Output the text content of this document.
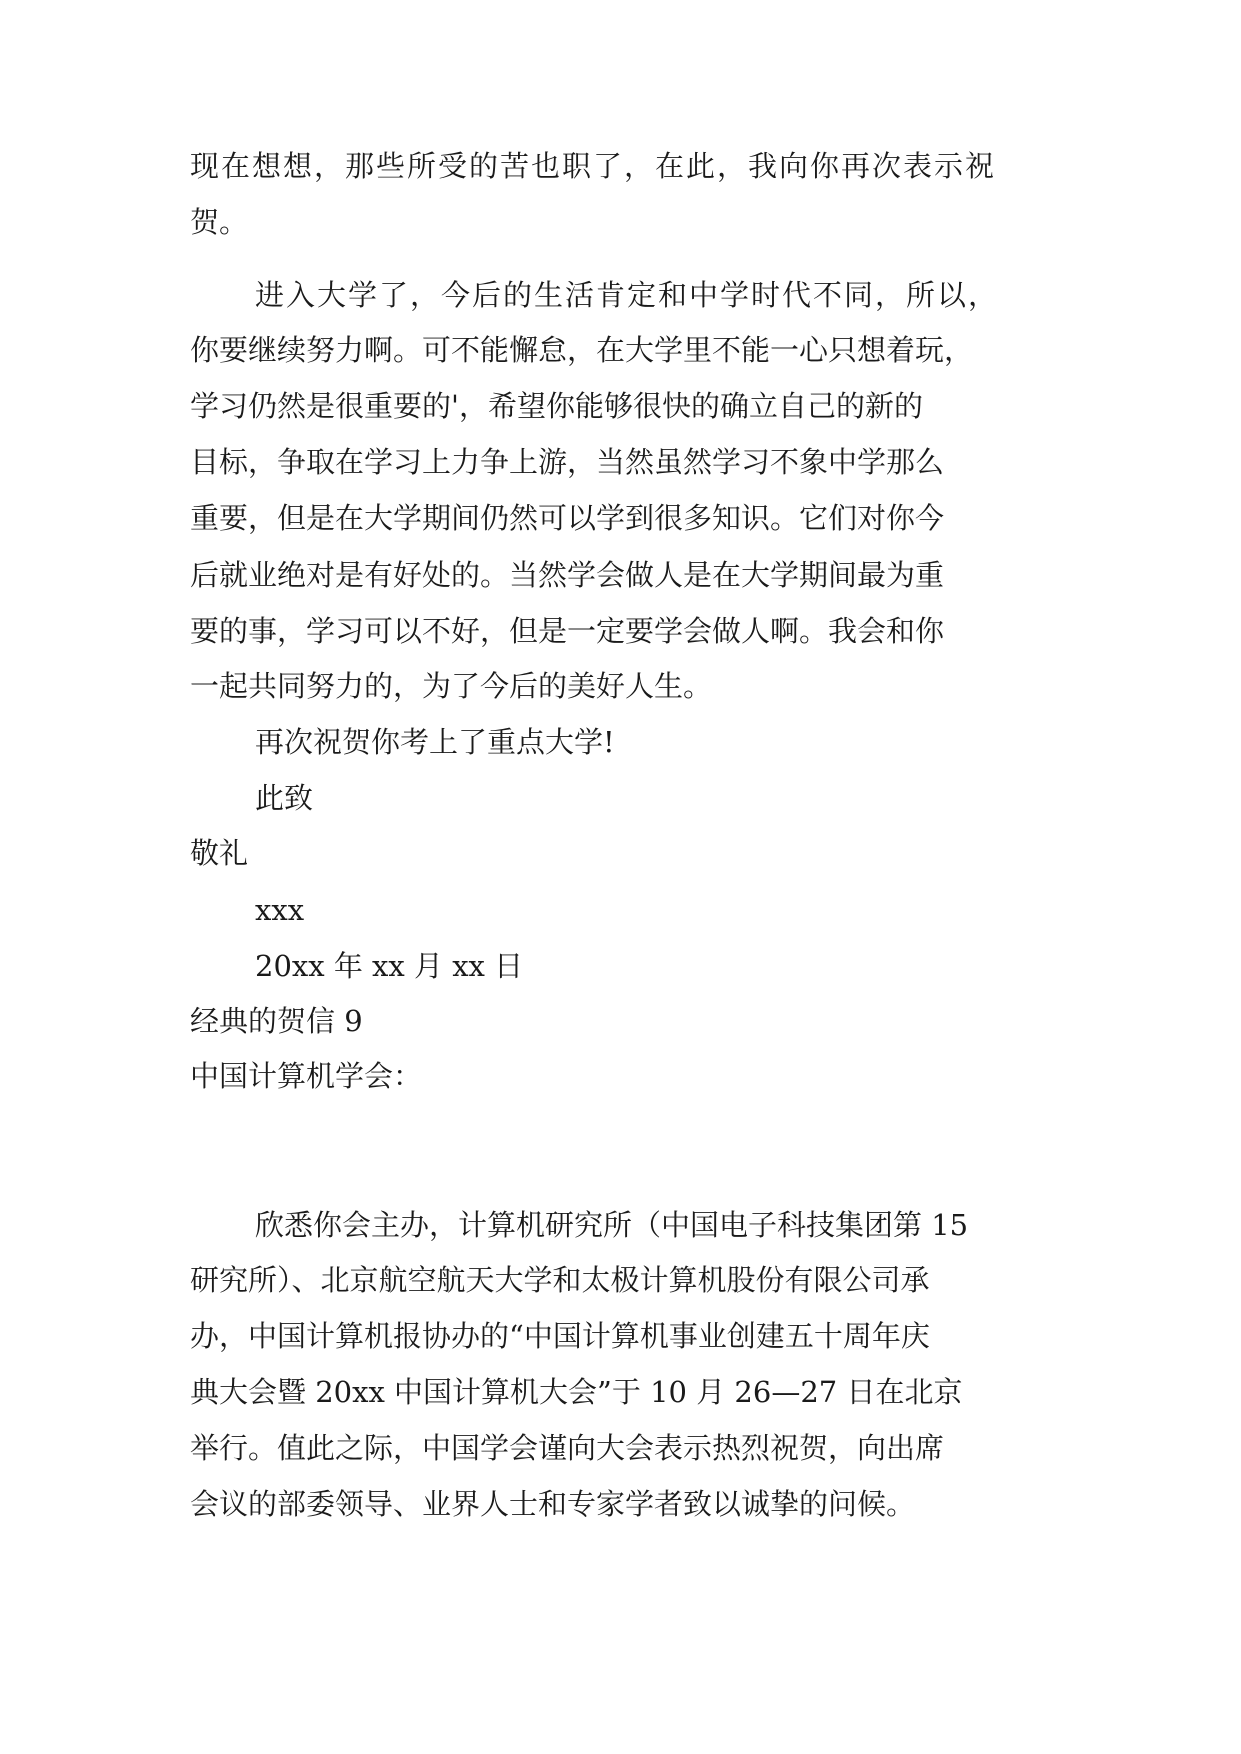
现在想想，那些所受的苦也职了，在此，我向你再次表示祝

贺。

进入大学了，今后的生活肯定和中学时代不同，所以，

你要继续努力啊。可不能懈怠，在大学里不能一心只想着玩，

学习仍然是很重要的'，希望你能够很快的确立自己的新的

目标，争取在学习上力争上游，当然虽然学习不象中学那么

重要，但是在大学期间仍然可以学到很多知识。它们对你今

后就业绝对是有好处的。当然学会做人是在大学期间最为重

要的事，学习可以不好，但是一定要学会做人啊。我会和你

一起共同努力的，为了今后的美好人生。

再次祝贺你考上了重点大学!

此致

敬礼

xxx

20xx 年 xx 月 xx 日

经典的贺信 9

中国计算机学会：

欣悉你会主办，计算机研究所（中国电子科技集团第 15

研究所）、北京航空航天大学和太极计算机股份有限公司承

办，中国计算机报协办的“中国计算机事业创建五十周年庆

典大会暨 20xx 中国计算机大会”于 10 月 26—27 日在北京

举行。值此之际，中国学会谨向大会表示热烈祝贺，向出席

会议的部委领导、业界人士和专家学者致以诚挚的问候。
